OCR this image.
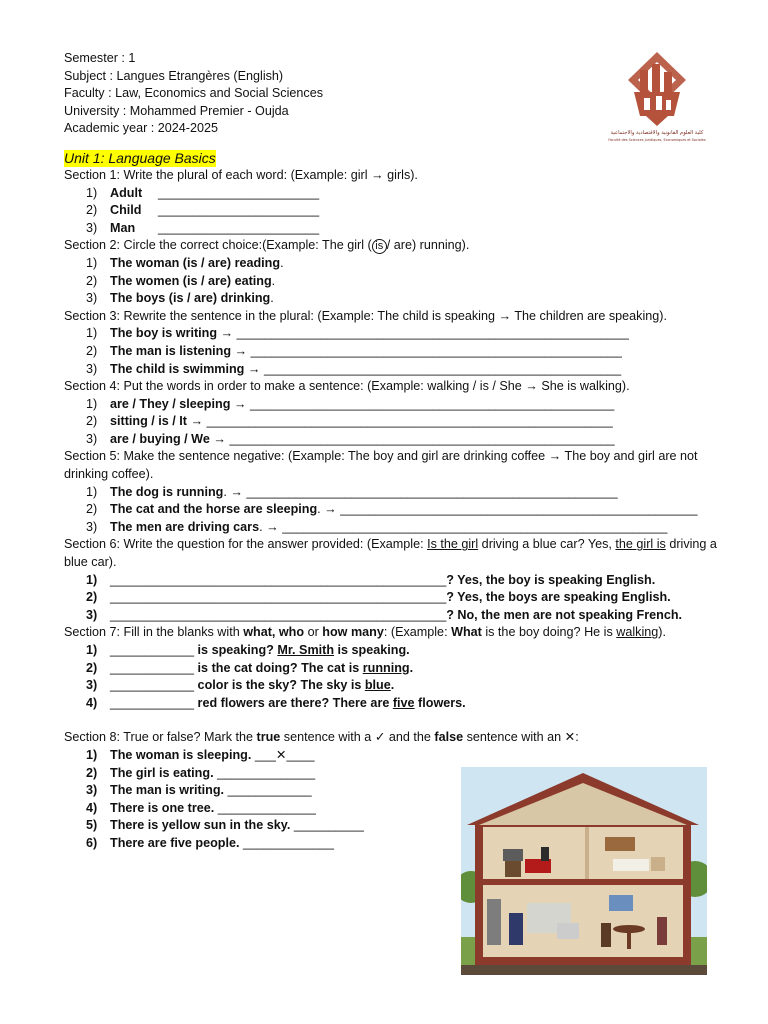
كلية العلوم القانونية والاقتصادية والاجتماعية
Faculté des Sciences Juridiques, Economiques et Sociales
Semester : 1
Subject : Langues Etrangères (English)
Faculty : Law, Economics and Social Sciences
University : Mohammed Premier - Oujda
Academic year : 2024-2025
Unit 1: Language Basics
Section 1: Write the plural of each word: (Example: girl → girls).
1) Adult _______________________
2) Child _______________________
3) Man _______________________
Section 2: Circle the correct choice:(Example: The girl ( is / are) running).
1) The woman (is / are) reading.
2) The women (is / are) eating.
3) The boys (is / are) drinking.
Section 3: Rewrite the sentence in the plural: (Example: The child is speaking → The children are speaking).
1) The boy is writing → ________________________________________________________
2) The man is listening → _____________________________________________________
3) The child is swimming → ___________________________________________________
Section 4: Put the words in order to make a sentence: (Example: walking / is / She → She is walking).
1) are / They / sleeping → ____________________________________________________
2) sitting / is / It → __________________________________________________________
3) are / buying / We → _______________________________________________________
Section 5: Make the sentence negative: (Example: The boy and girl are drinking coffee → The boy and girl are not drinking coffee).
1) The dog is running. → _____________________________________________________
2) The cat and the horse are sleeping. → ___________________________________________________
3) The men are driving cars. → _______________________________________________________
Section 6: Write the question for the answer provided: (Example: Is the girl driving a blue car? Yes, the girl is driving a blue car).
1) ________________________________________________? Yes, the boy is speaking English.
2) ________________________________________________? Yes, the boys are speaking English.
3) ________________________________________________? No, the men are not speaking French.
Section 7: Fill in the blanks with what, who or how many: (Example: What is the boy doing? He is walking).
1) ____________ is speaking? Mr. Smith is speaking.
2) ____________ is the cat doing? The cat is running.
3) ____________ color is the sky? The sky is blue.
4) ____________ red flowers are there? There are five flowers.
Section 8: True or false? Mark the true sentence with a ✓ and the false sentence with an ✕:
1) The woman is sleeping. ___✕____
2) The girl is eating. ______________
3) The man is writing. ____________
4) There is one tree. ______________
5) There is yellow sun in the sky. __________
6) There are five people. _____________
